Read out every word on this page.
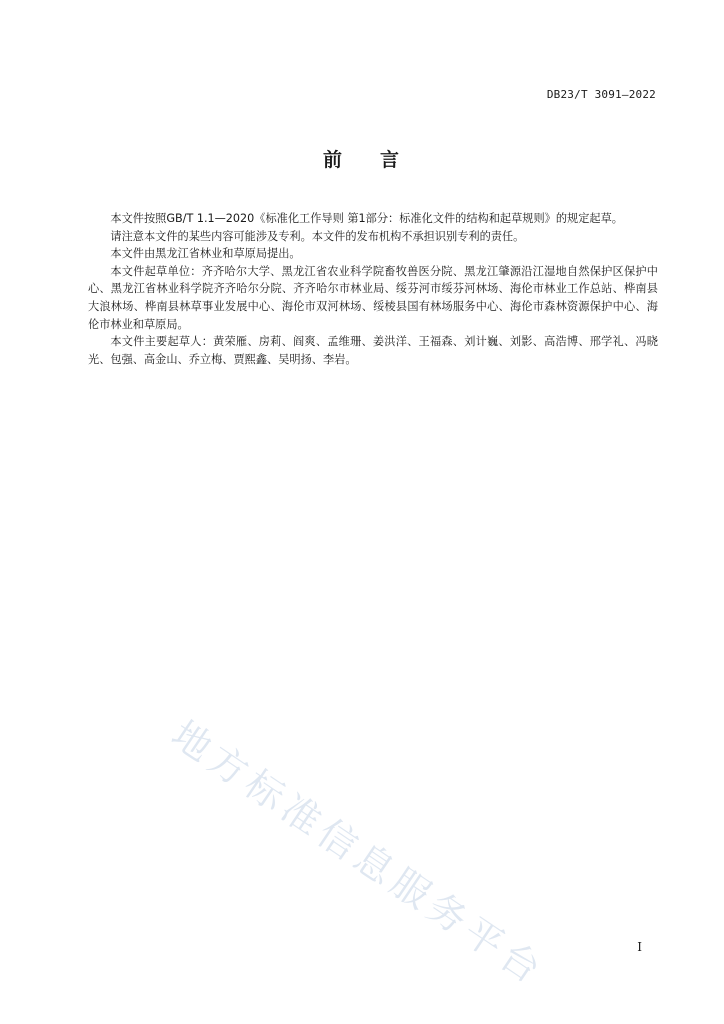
DB23/T 3091—2022
前 言

本文件按照GB/T 1.1—2020《标准化工作导则 第1部分：标准化文件的结构和起草规则》的规定起草。

请注意本文件的某些内容可能涉及专利。本文件的发布机构不承担识别专利的责任。

本文件由黑龙江省林业和草原局提出。

本文件起草单位：齐齐哈尔大学、黑龙江省农业科学院畜牧兽医分院、黑龙江肇源沿江湿地自然保护区保护中心、黑龙江省林业科学院齐齐哈尔分院、齐齐哈尔市林业局、绥芬河市绥芬河林场、海伦市林业工作总站、桦南县大浪林场、桦南县林草事业发展中心、海伦市双河林场、绥棱县国有林场服务中心、海伦市森林资源保护中心、海伦市林业和草原局。

本文件主要起草人：黄荣雁、房莉、阎爽、孟维珊、姜洪洋、王福森、刘计巍、刘影、高浩博、邢学礼、冯晓光、包强、高金山、乔立梅、贾熙鑫、吴明扬、李岩。

地方标准信息服务平台	I
